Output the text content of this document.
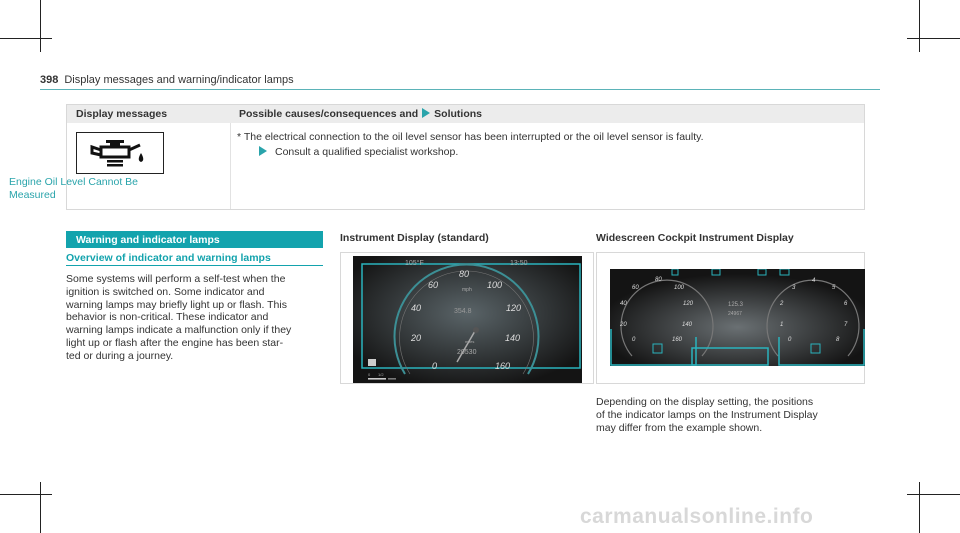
398 Display messages and warning/indicator lamps
Display messages	Possible causes/consequences and Solutions
Engine Oil Level Cannot Be
Measured
* The electrical connection to the oil level sensor has been interrupted or the oil level sensor is faulty.
Consult a qualified specialist workshop.
Warning and indicator lamps
Overview of indicator and warning lamps
Some systems will perform a self-test when the
ignition is switched on. Some indicator and
warning lamps may briefly light up or flash. This
behavior is non-critical. These indicator and
warning lamps indicate a malfunction only if they
light up or flash after the engine has been star-
ted or during a journey.
Instrument Display (standard)
105°F	13:50
0
20
40
60
80
100
120
140
160
mph
354.8
miles
20530
0 1/2
Widescreen Cockpit Instrument Display
0
20
40
60
80
100
120
140
160	0
1
2
3
4
5
6
7
8
125.3
24967
Depending on the display setting, the positions
of the indicator lamps on the Instrument Display
may differ from the example shown.
carmanualsonline.info
